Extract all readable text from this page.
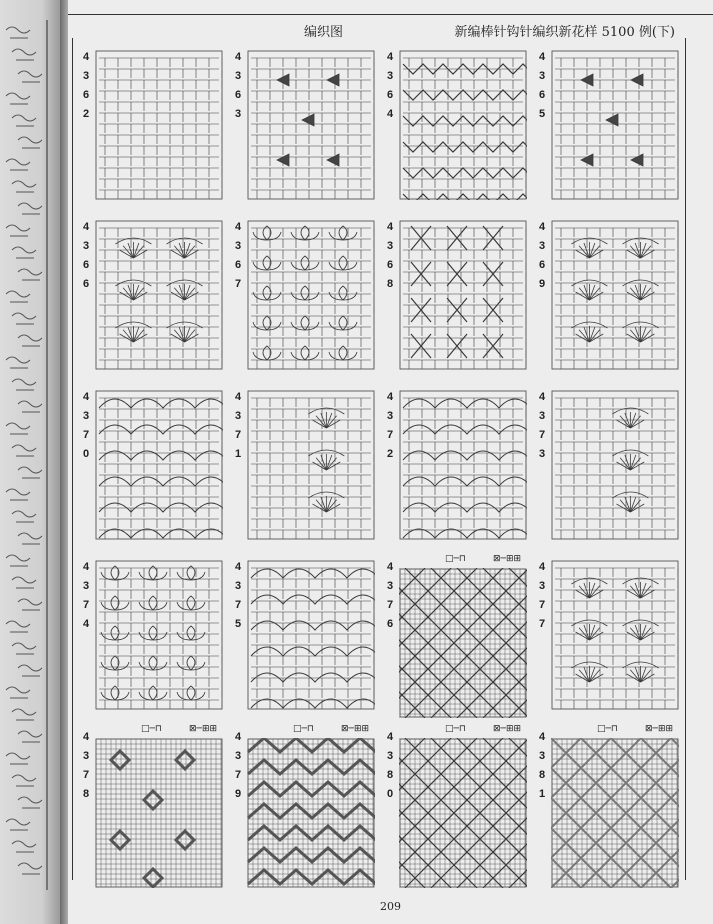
编织图	新编棒针钩针编织新花样 5100 例(下)
4
3
6
2
4
3
6
3
4
3
6
4
4
3
6
5
4
3
6
6
4
3
6
7
4
3
6
8
4
3
6
9
4
3
7
0
4
3
7
1
4
3
7
2
4
3
7
3
4
3
7
4
4
3
7
5
4
3
7
6
□─⊓	⊠─⊞⊞
4
3
7
7
4
3
7
8
□─⊓	⊠─⊞⊞
4
3
7
9
□─⊓	⊠─⊞⊞
4
3
8
0
□─⊓	⊠─⊞⊞
4
3
8
1
□─⊓	⊠─⊞⊞
209
